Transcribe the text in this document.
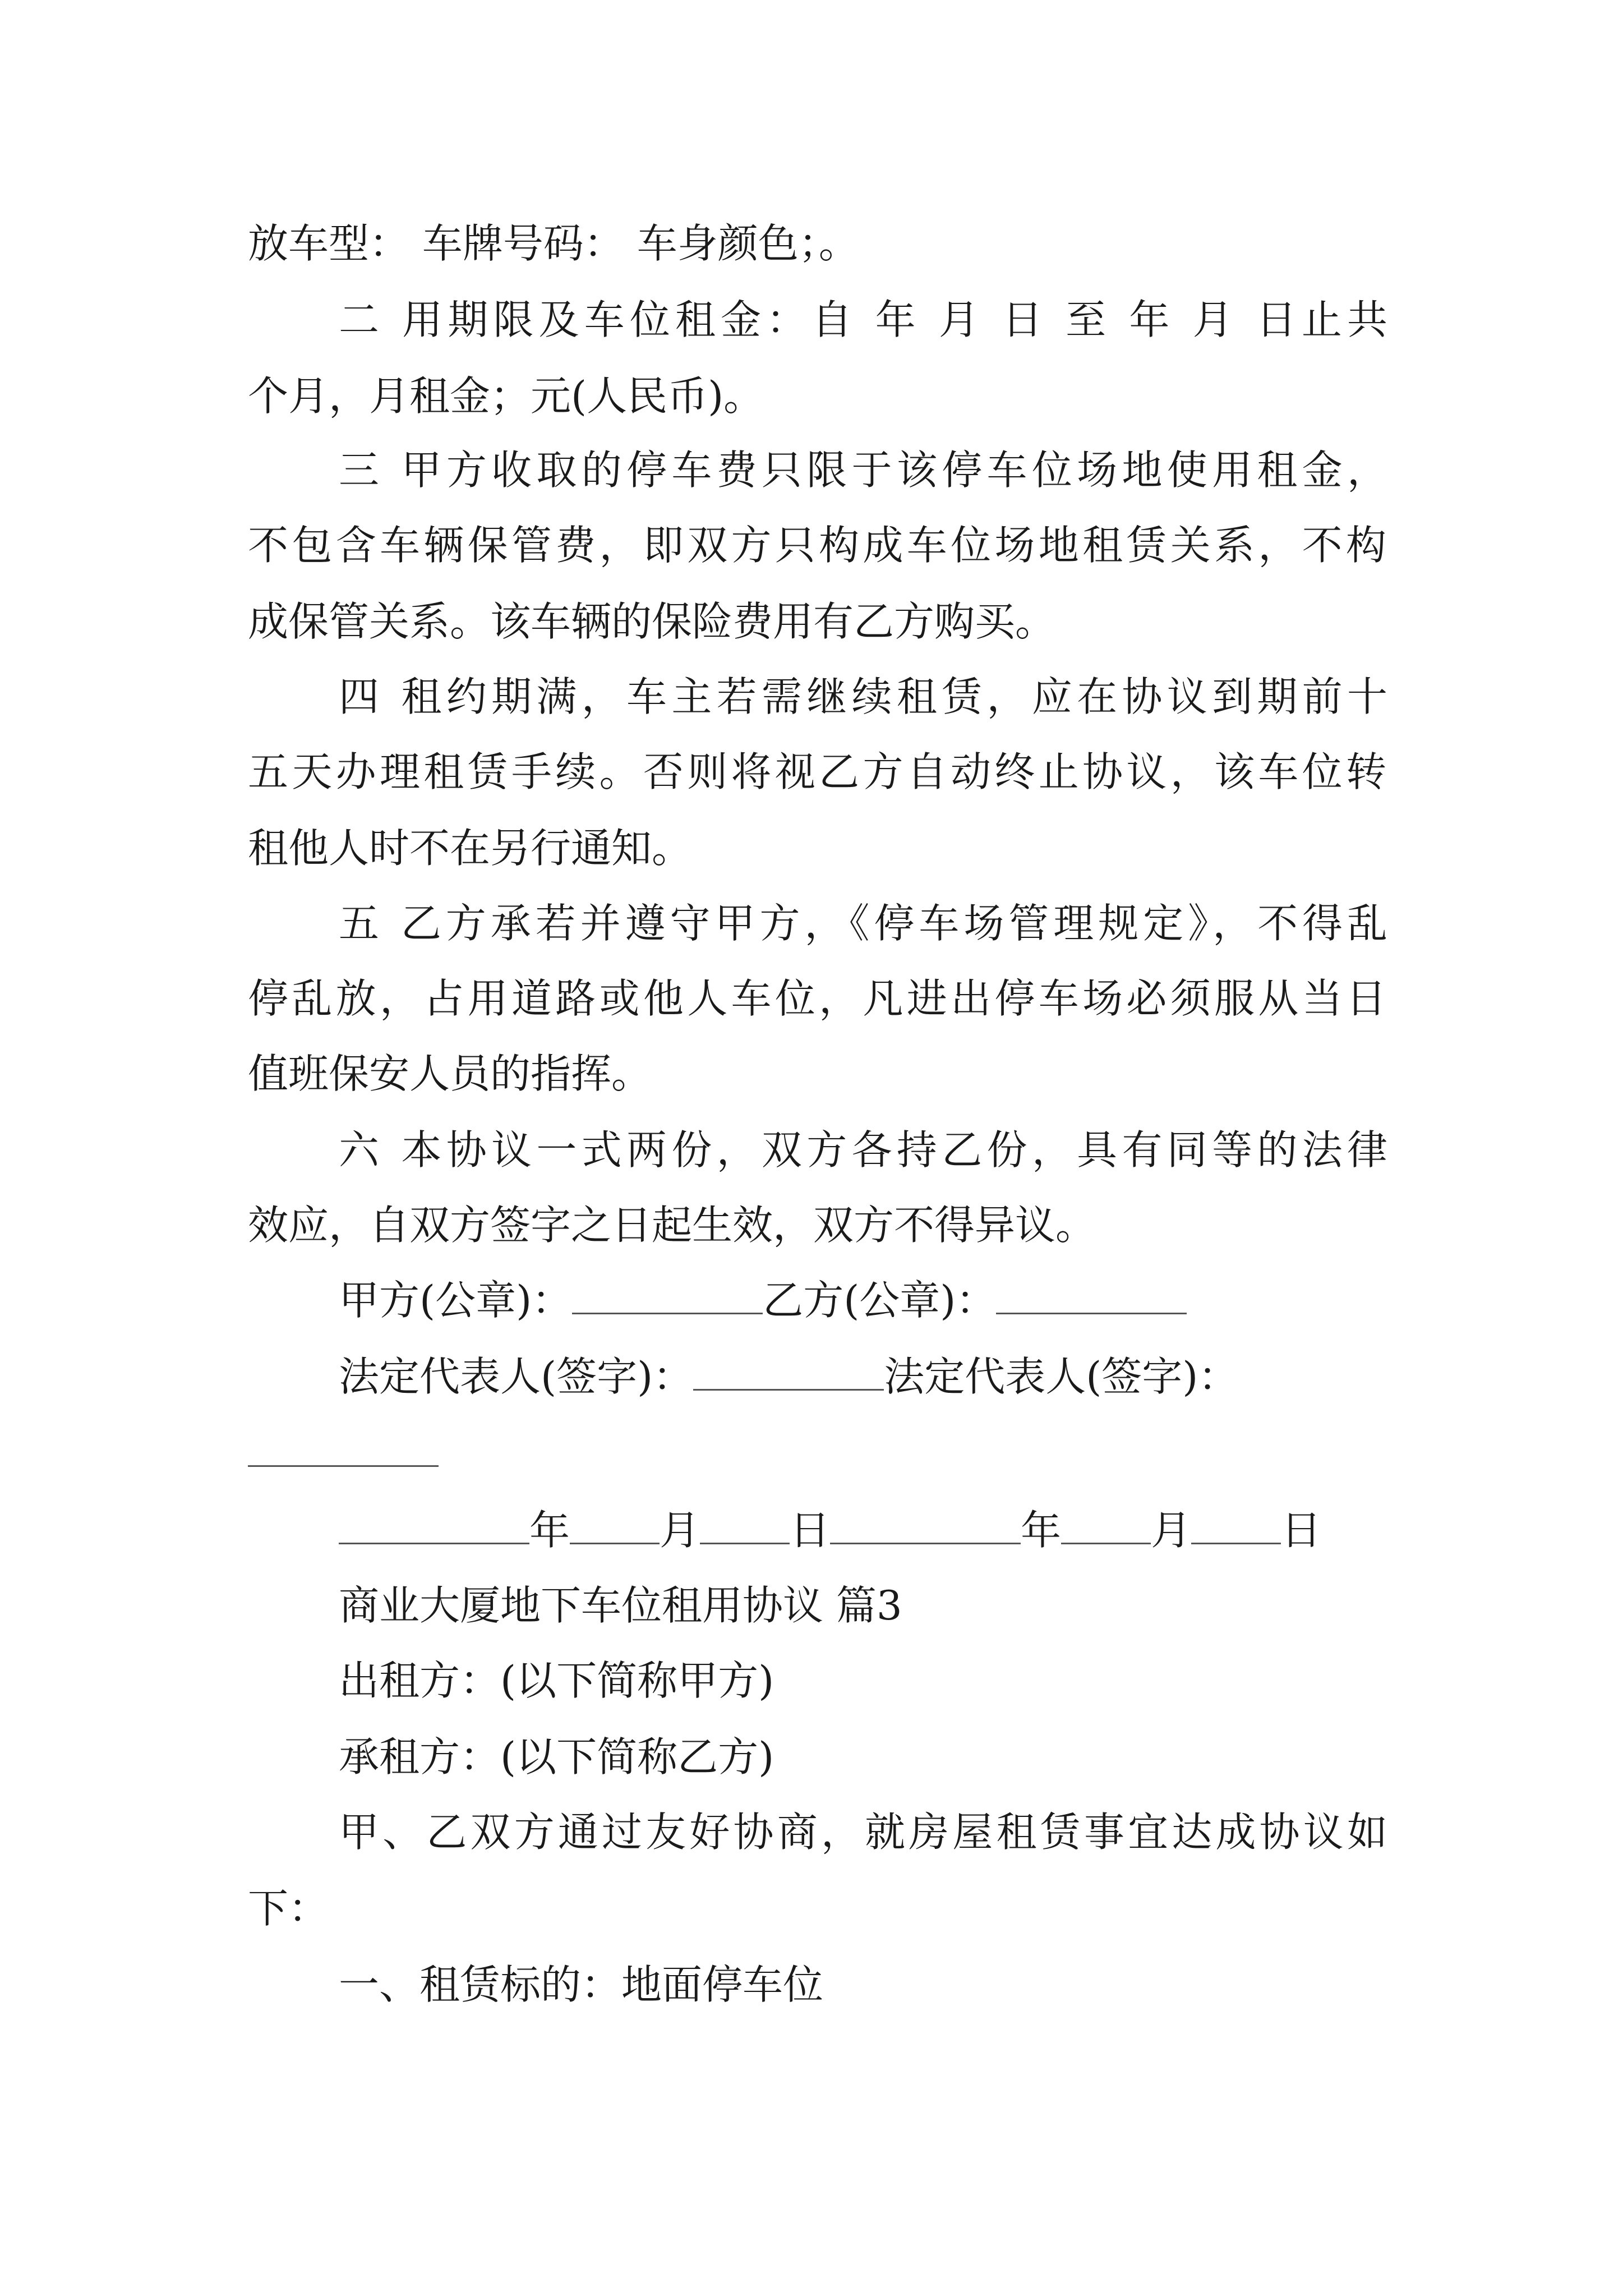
放车型： 车牌号码： 车身颜色；。
二 用期限及车位租金：自 年 月 日 至 年 月 日止共
个月，月租金；元(人民币)。
三 甲方收取的停车费只限于该停车位场地使用租金，
不包含车辆保管费，即双方只构成车位场地租赁关系，不构
成保管关系。该车辆的保险费用有乙方购买。
四 租约期满，车主若需继续租赁，应在协议到期前十
五天办理租赁手续。否则将视乙方自动终止协议，该车位转
租他人时不在另行通知。
五 乙方承若并遵守甲方，《停车场管理规定》，不得乱
停乱放，占用道路或他人车位，凡进出停车场必须服从当日
值班保安人员的指挥。
六 本协议一式两份，双方各持乙份，具有同等的法律
效应，自双方签字之日起生效，双方不得异议。
甲方(公章)：	乙方(公章)：
法定代表人(签字)：	法定代表人(签字)：
年 月 日	年 月 日
商业大厦地下车位租用协议 篇3
出租方：(以下简称甲方)
承租方：(以下简称乙方)
甲、乙双方通过友好协商，就房屋租赁事宜达成协议如
下：
一、租赁标的：地面停车位
